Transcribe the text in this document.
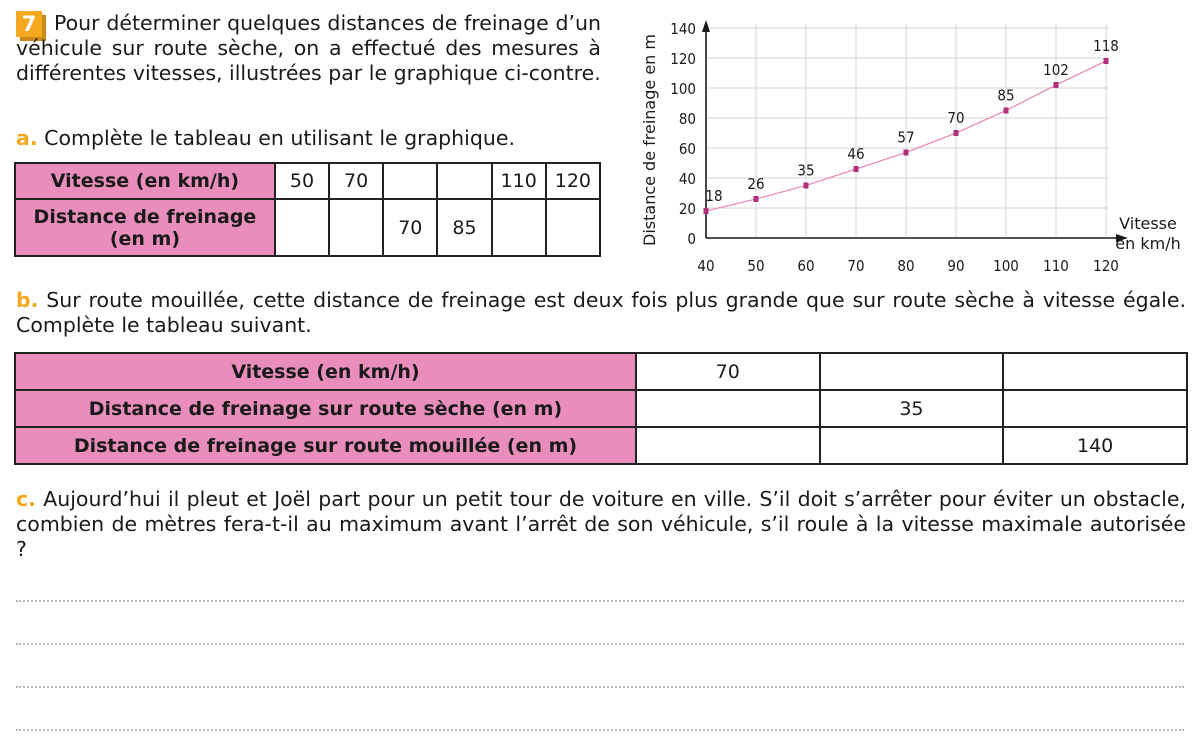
7 Pour déterminer quelques distances de freinage d’un véhicule sur route sèche, on a effectué des mesures à différentes vitesses, illustrées par le graphique ci-contre.

a. Complète le tableau en utilisant le graphique.

Vitesse (en km/h)	50	70			110	120
Distance de freinage (en m)			70	85		
0
20
40
60
80
100
120
140
40 50 60 70 80 90 100 110 120
18
26
35
46
57
70
85
102
118
Distance de freinage en m	Vitesse
en km/h

b. Sur route mouillée, cette distance de freinage est deux fois plus grande que sur route sèche à vitesse égale. Complète le tableau suivant.

Vitesse (en km/h)	70		
Distance de freinage sur route sèche (en m)		35	
Distance de freinage sur route mouillée (en m)			140

c. Aujourd’hui il pleut et Joël part pour un petit tour de voiture en ville. S’il doit s’arrêter pour éviter un obstacle, combien de mètres fera-t-il au maximum avant l’arrêt de son véhicule, s’il roule à la vitesse maximale autorisée ?
